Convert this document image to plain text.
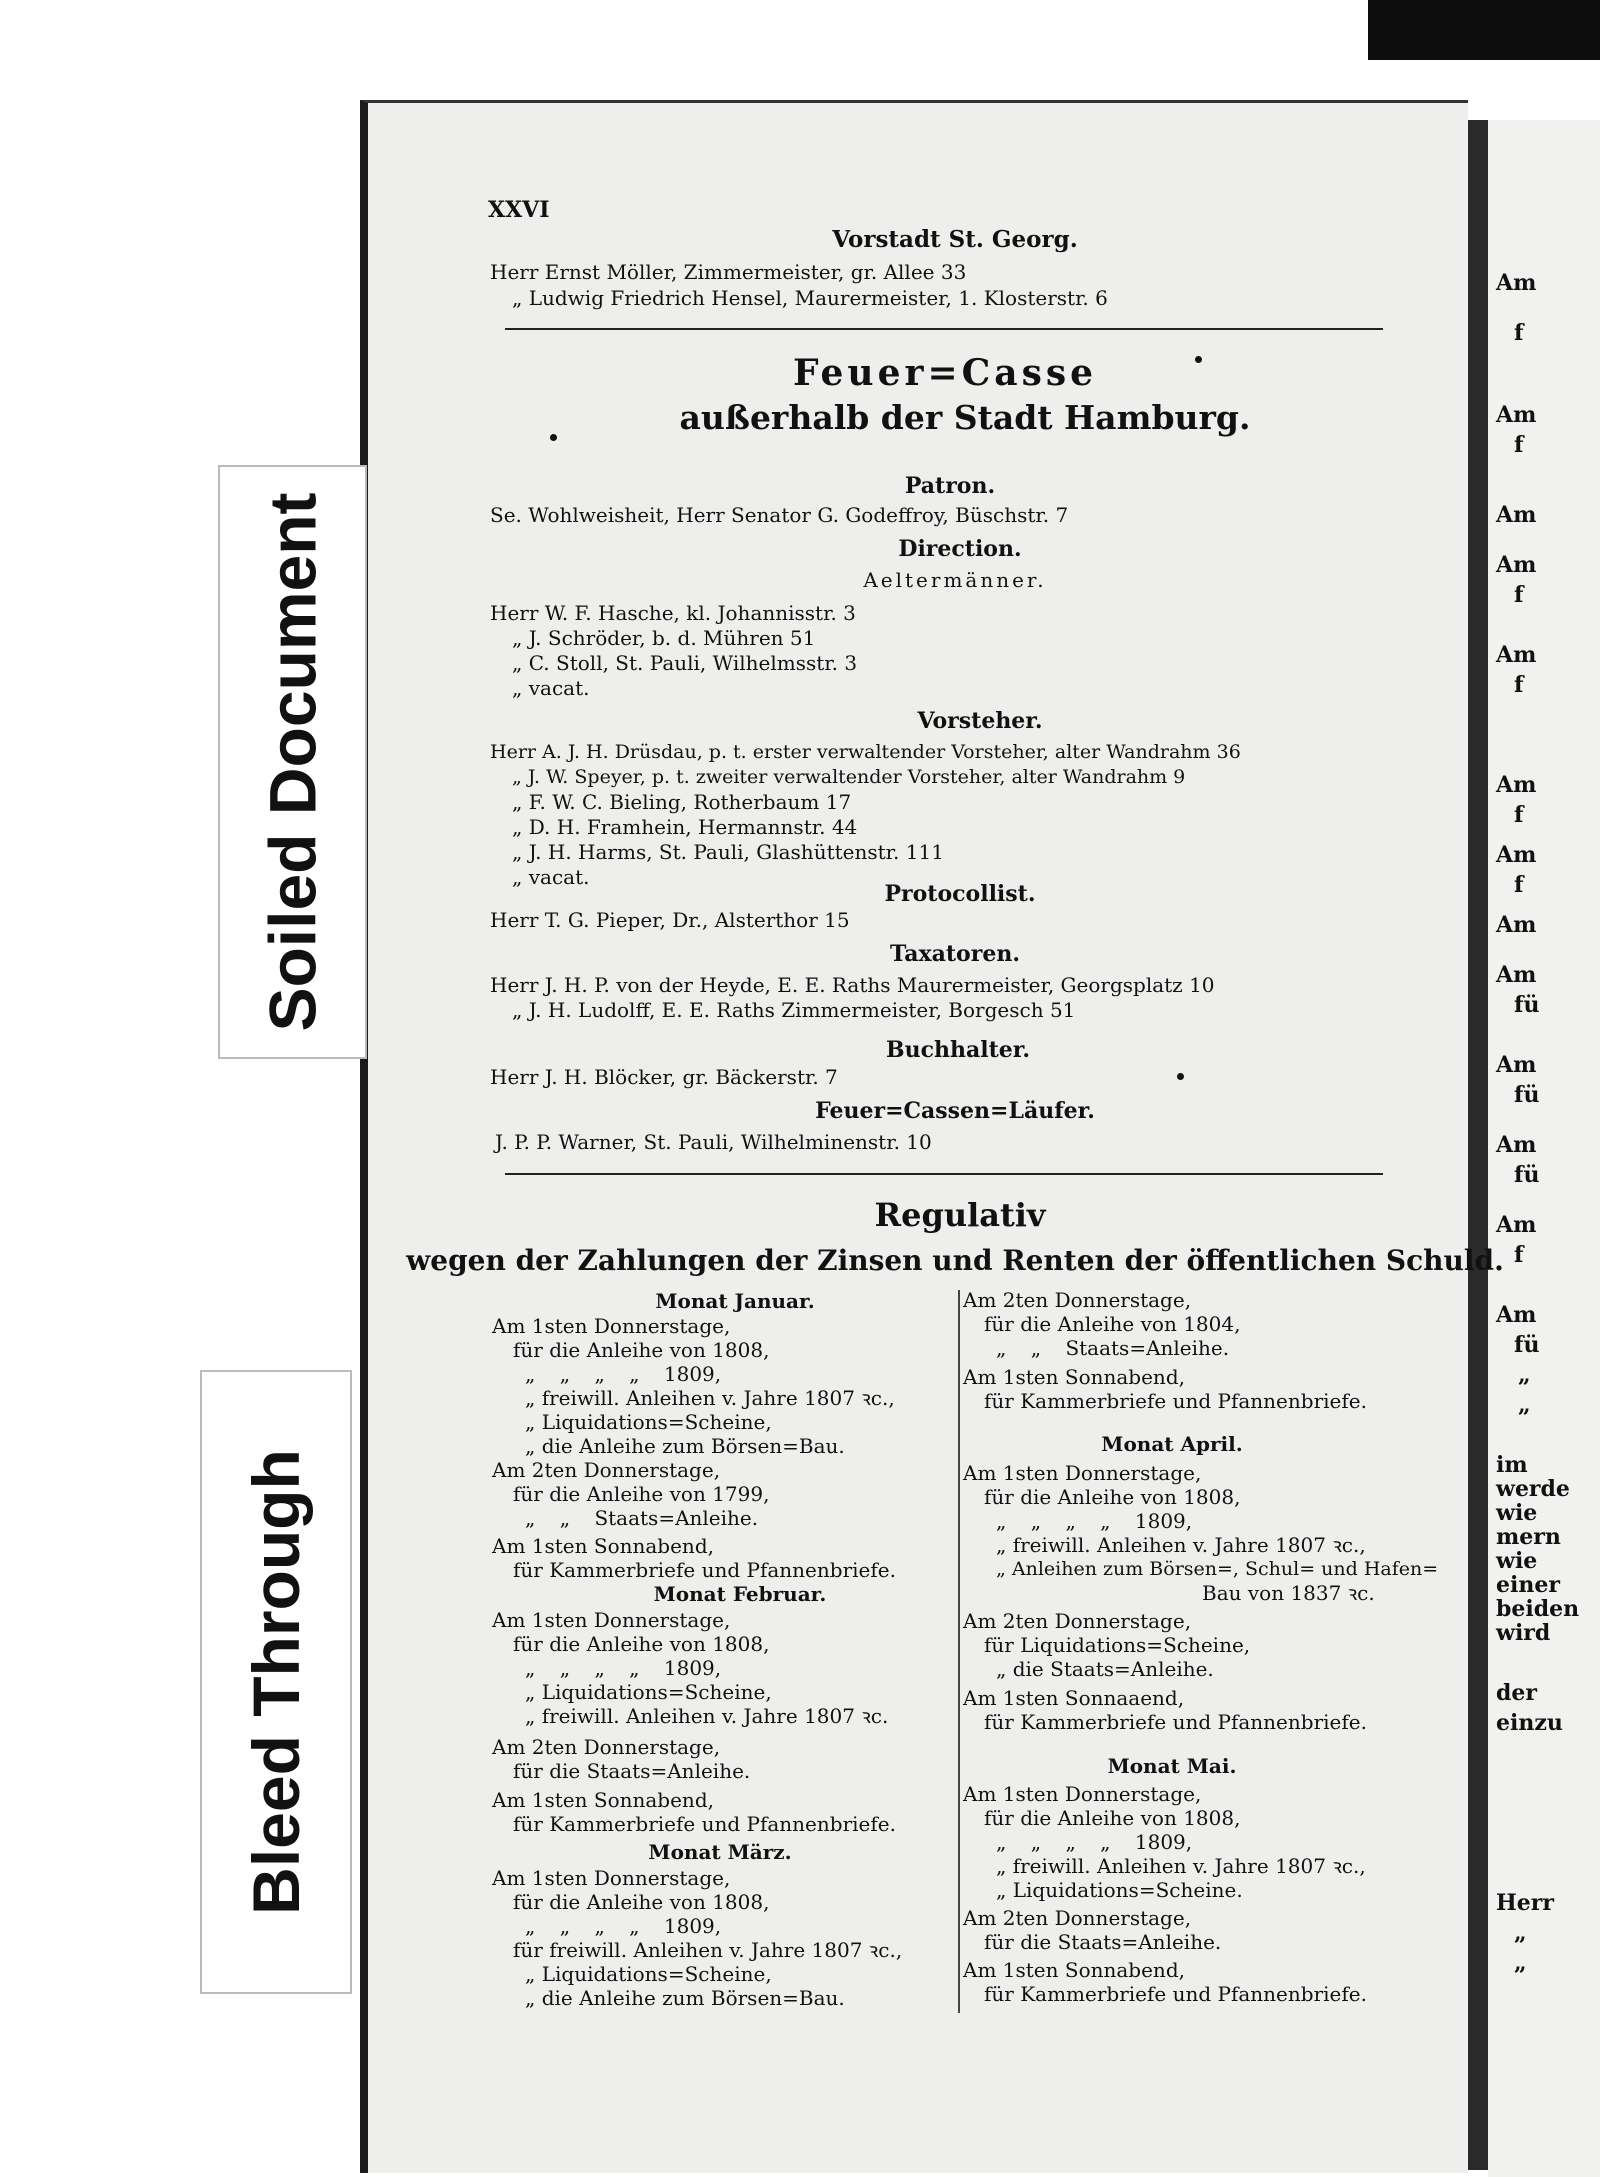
Am
f
Am
f
Am
Am
f
Am
f
Am
f
Am
f
Am
Am
fü
Am
fü
Am
fü
Am
f
Am
fü
„
„
im
werde
wie
mern
wie
einer
beiden
wird
der
einzu
Herr
„
„
Soiled Document
Bleed Through
XXVI
Vorstadt St. Georg.
Herr Ernst Möller, Zimmermeister, gr. Allee 33
„ Ludwig Friedrich Hensel, Maurermeister, 1. Klosterstr. 6
Feuer=Casse
außerhalb der Stadt Hamburg.
Patron.
Se. Wohlweisheit, Herr Senator G. Godeffroy, Büschstr. 7
Direction.
Aeltermänner.
Herr W. F. Hasche, kl. Johannisstr. 3
„ J. Schröder, b. d. Mühren 51
„ C. Stoll, St. Pauli, Wilhelmsstr. 3
„ vacat.
Vorsteher.
Herr A. J. H. Drüsdau, p. t. erster verwaltender Vorsteher, alter Wandrahm 36
„ J. W. Speyer, p. t. zweiter verwaltender Vorsteher, alter Wandrahm 9
„ F. W. C. Bieling, Rotherbaum 17
„ D. H. Framhein, Hermannstr. 44
„ J. H. Harms, St. Pauli, Glashüttenstr. 111
„ vacat.
Protocollist.
Herr T. G. Pieper, Dr., Alsterthor 15
Taxatoren.
Herr J. H. P. von der Heyde, E. E. Raths Maurermeister, Georgsplatz 10
„ J. H. Ludolff, E. E. Raths Zimmermeister, Borgesch 51
Buchhalter.
Herr J. H. Blöcker, gr. Bäckerstr. 7
Feuer=Cassen=Läufer.
J. P. P. Warner, St. Pauli, Wilhelminenstr. 10
Regulativ
wegen der Zahlungen der Zinsen und Renten der öffentlichen Schuld.
Monat Januar.
Am 1sten Donnerstage,
für die Anleihe von 1808,
„ „ „ „ 1809,
„ freiwill. Anleihen v. Jahre 1807 ꝛc.,
„ Liquidations=Scheine,
„ die Anleihe zum Börsen=Bau.
Am 2ten Donnerstage,
für die Anleihe von 1799,
„ „ Staats=Anleihe.
Am 1sten Sonnabend,
für Kammerbriefe und Pfannenbriefe.
Monat Februar.
Am 1sten Donnerstage,
für die Anleihe von 1808,
„ „ „ „ 1809,
„ Liquidations=Scheine,
„ freiwill. Anleihen v. Jahre 1807 ꝛc.
Am 2ten Donnerstage,
für die Staats=Anleihe.
Am 1sten Sonnabend,
für Kammerbriefe und Pfannenbriefe.
Monat März.
Am 1sten Donnerstage,
für die Anleihe von 1808,
„ „ „ „ 1809,
für freiwill. Anleihen v. Jahre 1807 ꝛc.,
„ Liquidations=Scheine,
„ die Anleihe zum Börsen=Bau.
Am 2ten Donnerstage,
für die Anleihe von 1804,
„ „ Staats=Anleihe.
Am 1sten Sonnabend,
für Kammerbriefe und Pfannenbriefe.
Monat April.
Am 1sten Donnerstage,
für die Anleihe von 1808,
„ „ „ „ 1809,
„ freiwill. Anleihen v. Jahre 1807 ꝛc.,
„ Anleihen zum Börsen=, Schul= und Hafen=
Bau von 1837 ꝛc.
Am 2ten Donnerstage,
für Liquidations=Scheine,
„ die Staats=Anleihe.
Am 1sten Sonnaaend,
für Kammerbriefe und Pfannenbriefe.
Monat Mai.
Am 1sten Donnerstage,
für die Anleihe von 1808,
„ „ „ „ 1809,
„ freiwill. Anleihen v. Jahre 1807 ꝛc.,
„ Liquidations=Scheine.
Am 2ten Donnerstage,
für die Staats=Anleihe.
Am 1sten Sonnabend,
für Kammerbriefe und Pfannenbriefe.
